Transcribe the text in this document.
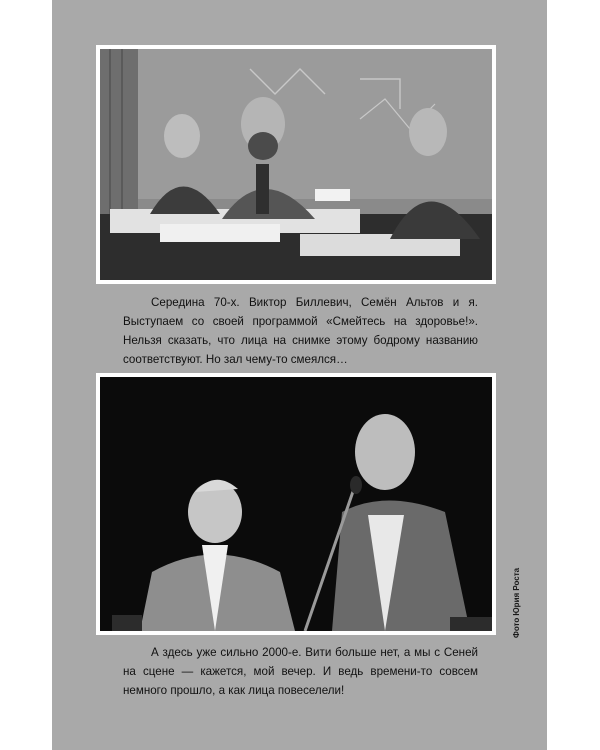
Середина 70-х. Виктор Биллевич, Семён Альтов и я. Выступаем со своей программой «Смейтесь на здоровье!». Нельзя сказать, что лица на снимке этому бодрому названию соответствуют. Но зал чему-то смеялся…
Фото Юрия Роста
А здесь уже сильно 2000-е. Вити больше нет, а мы с Сеней на сцене — кажется, мой вечер. И ведь времени-то совсем немного прошло, а как лица повеселели!
